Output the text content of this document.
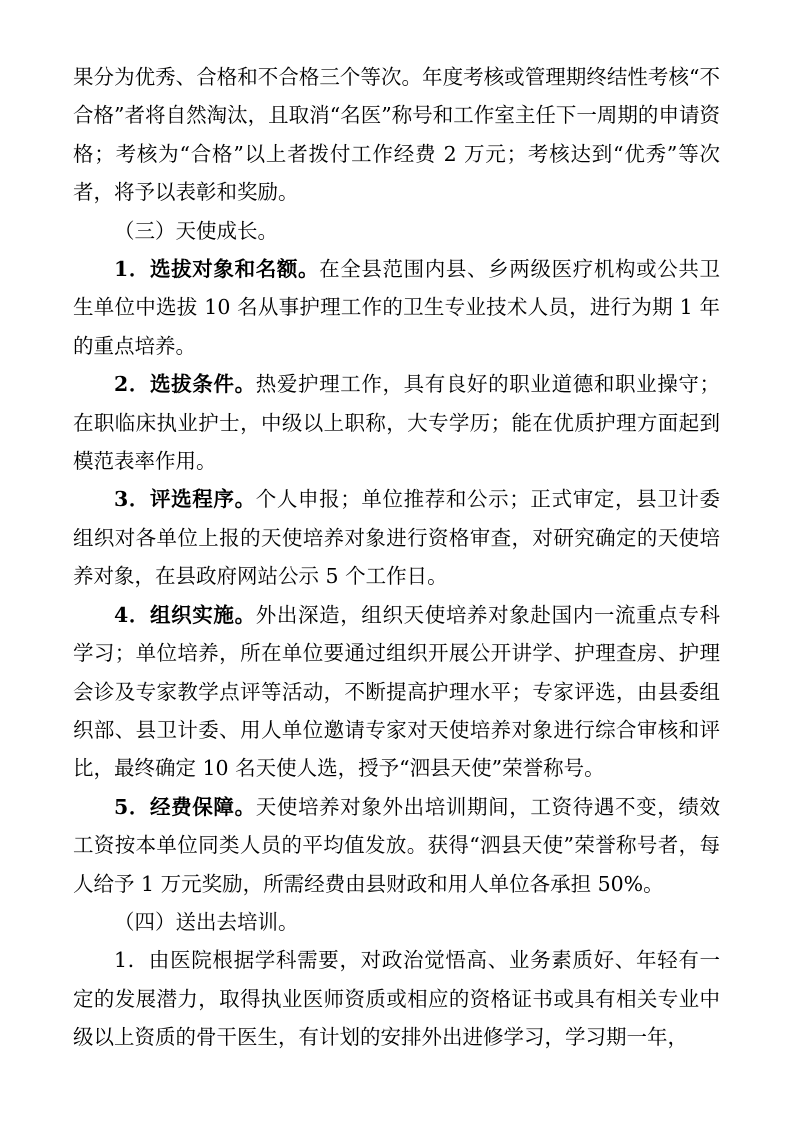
果分为优秀、合格和不合格三个等次。年度考核或管理期终结性考核“不合格”者将自然淘汰，且取消“名医”称号和工作室主任下一周期的申请资格；考核为“合格”以上者拨付工作经费 2 万元；考核达到“优秀”等次者，将予以表彰和奖励。

（三）天使成长。

1．选拔对象和名额。在全县范围内县、乡两级医疗机构或公共卫生单位中选拔 10 名从事护理工作的卫生专业技术人员，进行为期 1 年的重点培养。

2．选拔条件。热爱护理工作，具有良好的职业道德和职业操守；在职临床执业护士，中级以上职称，大专学历；能在优质护理方面起到模范表率作用。

3．评选程序。个人申报；单位推荐和公示；正式审定，县卫计委组织对各单位上报的天使培养对象进行资格审查，对研究确定的天使培养对象，在县政府网站公示 5 个工作日。

4．组织实施。外出深造，组织天使培养对象赴国内一流重点专科学习；单位培养，所在单位要通过组织开展公开讲学、护理查房、护理会诊及专家教学点评等活动，不断提高护理水平；专家评选，由县委组织部、县卫计委、用人单位邀请专家对天使培养对象进行综合审核和评比，最终确定 10 名天使人选，授予“泗县天使”荣誉称号。

5．经费保障。天使培养对象外出培训期间，工资待遇不变，绩效工资按本单位同类人员的平均值发放。获得“泗县天使”荣誉称号者，每人给予 1 万元奖励，所需经费由县财政和用人单位各承担 50%。

（四）送出去培训。

1．由医院根据学科需要，对政治觉悟高、业务素质好、年轻有一定的发展潜力，取得执业医师资质或相应的资格证书或具有相关专业中级以上资质的骨干医生，有计划的安排外出进修学习，学习期一年，
